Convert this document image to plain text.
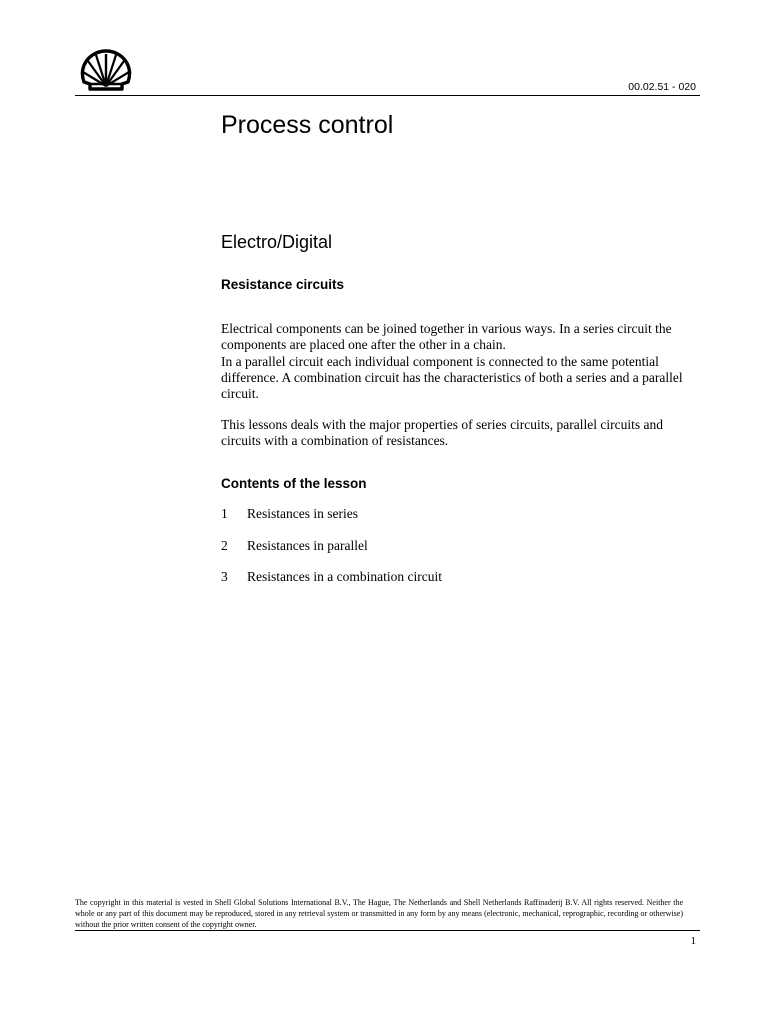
00.02.51 - 020
Process control
Electro/Digital
Resistance circuits

Electrical components can be joined together in various ways. In a series circuit the components are placed one after the other in a chain.

In a parallel circuit each individual component is connected to the same potential difference. A combination circuit has the characteristics of both a series and a parallel circuit.

This lessons deals with the major properties of series circuits, parallel circuits and circuits with a combination of resistances.

Contents of the lesson
1 Resistances in series
2 Resistances in parallel
3 Resistances in a combination circuit

The copyright in this material is vested in Shell Global Solutions International B.V., The Hague, The Netherlands and Shell Netherlands Raffinaderij B.V. All rights reserved. Neither the whole or any part of this document may be reproduced, stored in any retrieval system or transmitted in any form by any means (electronic, mechanical, reprographic, recording or otherwise) without the prior written consent of the copyright owner.

1
